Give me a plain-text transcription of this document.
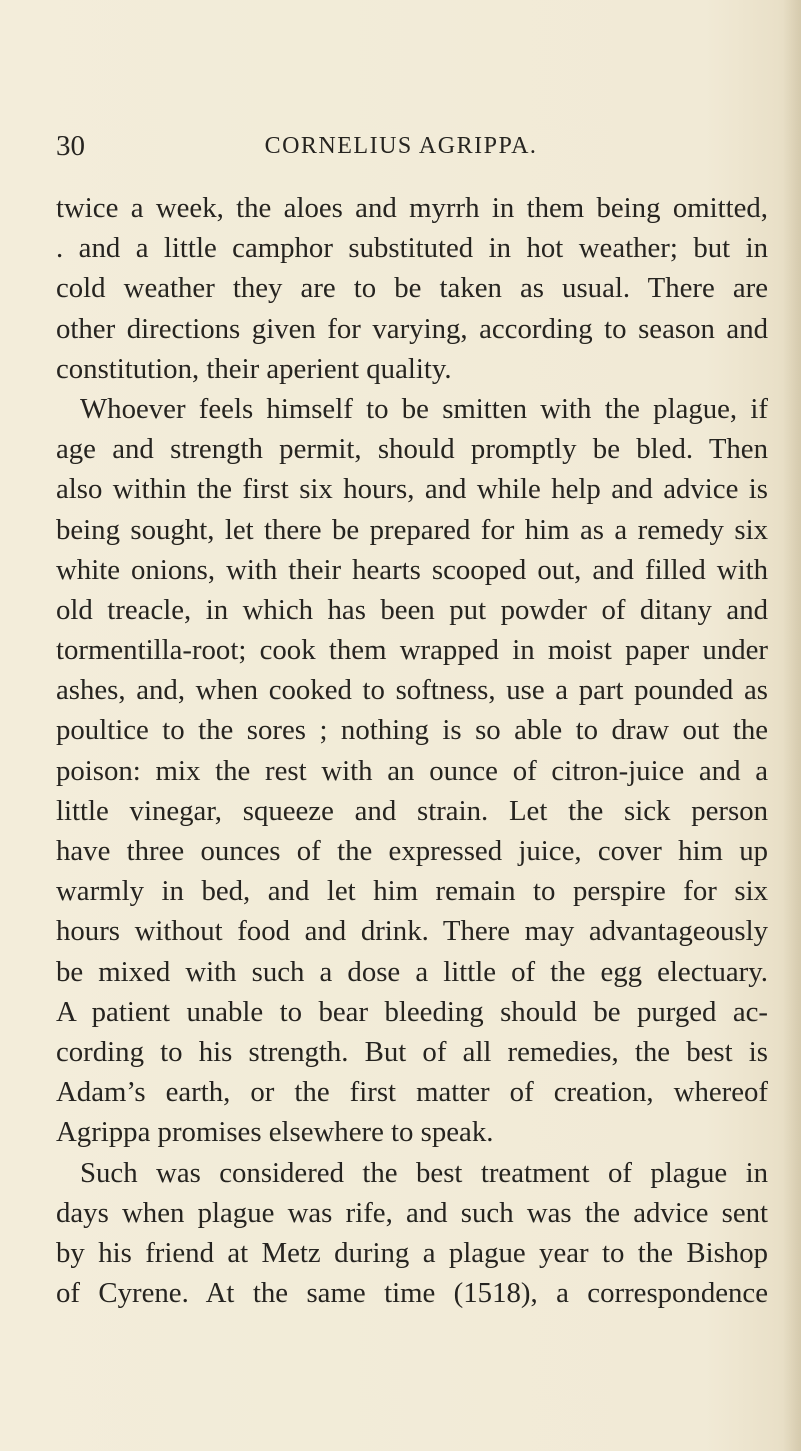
30	CORNELIUS AGRIPPA.
twice a week, the aloes and myrrh in them being omitted,
. and a little camphor substituted in hot weather; but in
cold weather they are to be taken as usual. There are
other directions given for varying, according to season and
constitution, their aperient quality.
Whoever feels himself to be smitten with the plague, if
age and strength permit, should promptly be bled. Then
also within the first six hours, and while help and advice is
being sought, let there be prepared for him as a remedy six
white onions, with their hearts scooped out, and filled with
old treacle, in which has been put powder of ditany and
tormentilla-root; cook them wrapped in moist paper under
ashes, and, when cooked to softness, use a part pounded as
poultice to the sores ; nothing is so able to draw out the
poison: mix the rest with an ounce of citron-juice and a
little vinegar, squeeze and strain. Let the sick person
have three ounces of the expressed juice, cover him up
warmly in bed, and let him remain to perspire for six
hours without food and drink. There may advantageously
be mixed with such a dose a little of the egg electuary.
A patient unable to bear bleeding should be purged ac-
cording to his strength. But of all remedies, the best is
Adam’s earth, or the first matter of creation, whereof
Agrippa promises elsewhere to speak.
Such was considered the best treatment of plague in
days when plague was rife, and such was the advice sent
by his friend at Metz during a plague year to the Bishop
of Cyrene. At the same time (1518), a correspondence
